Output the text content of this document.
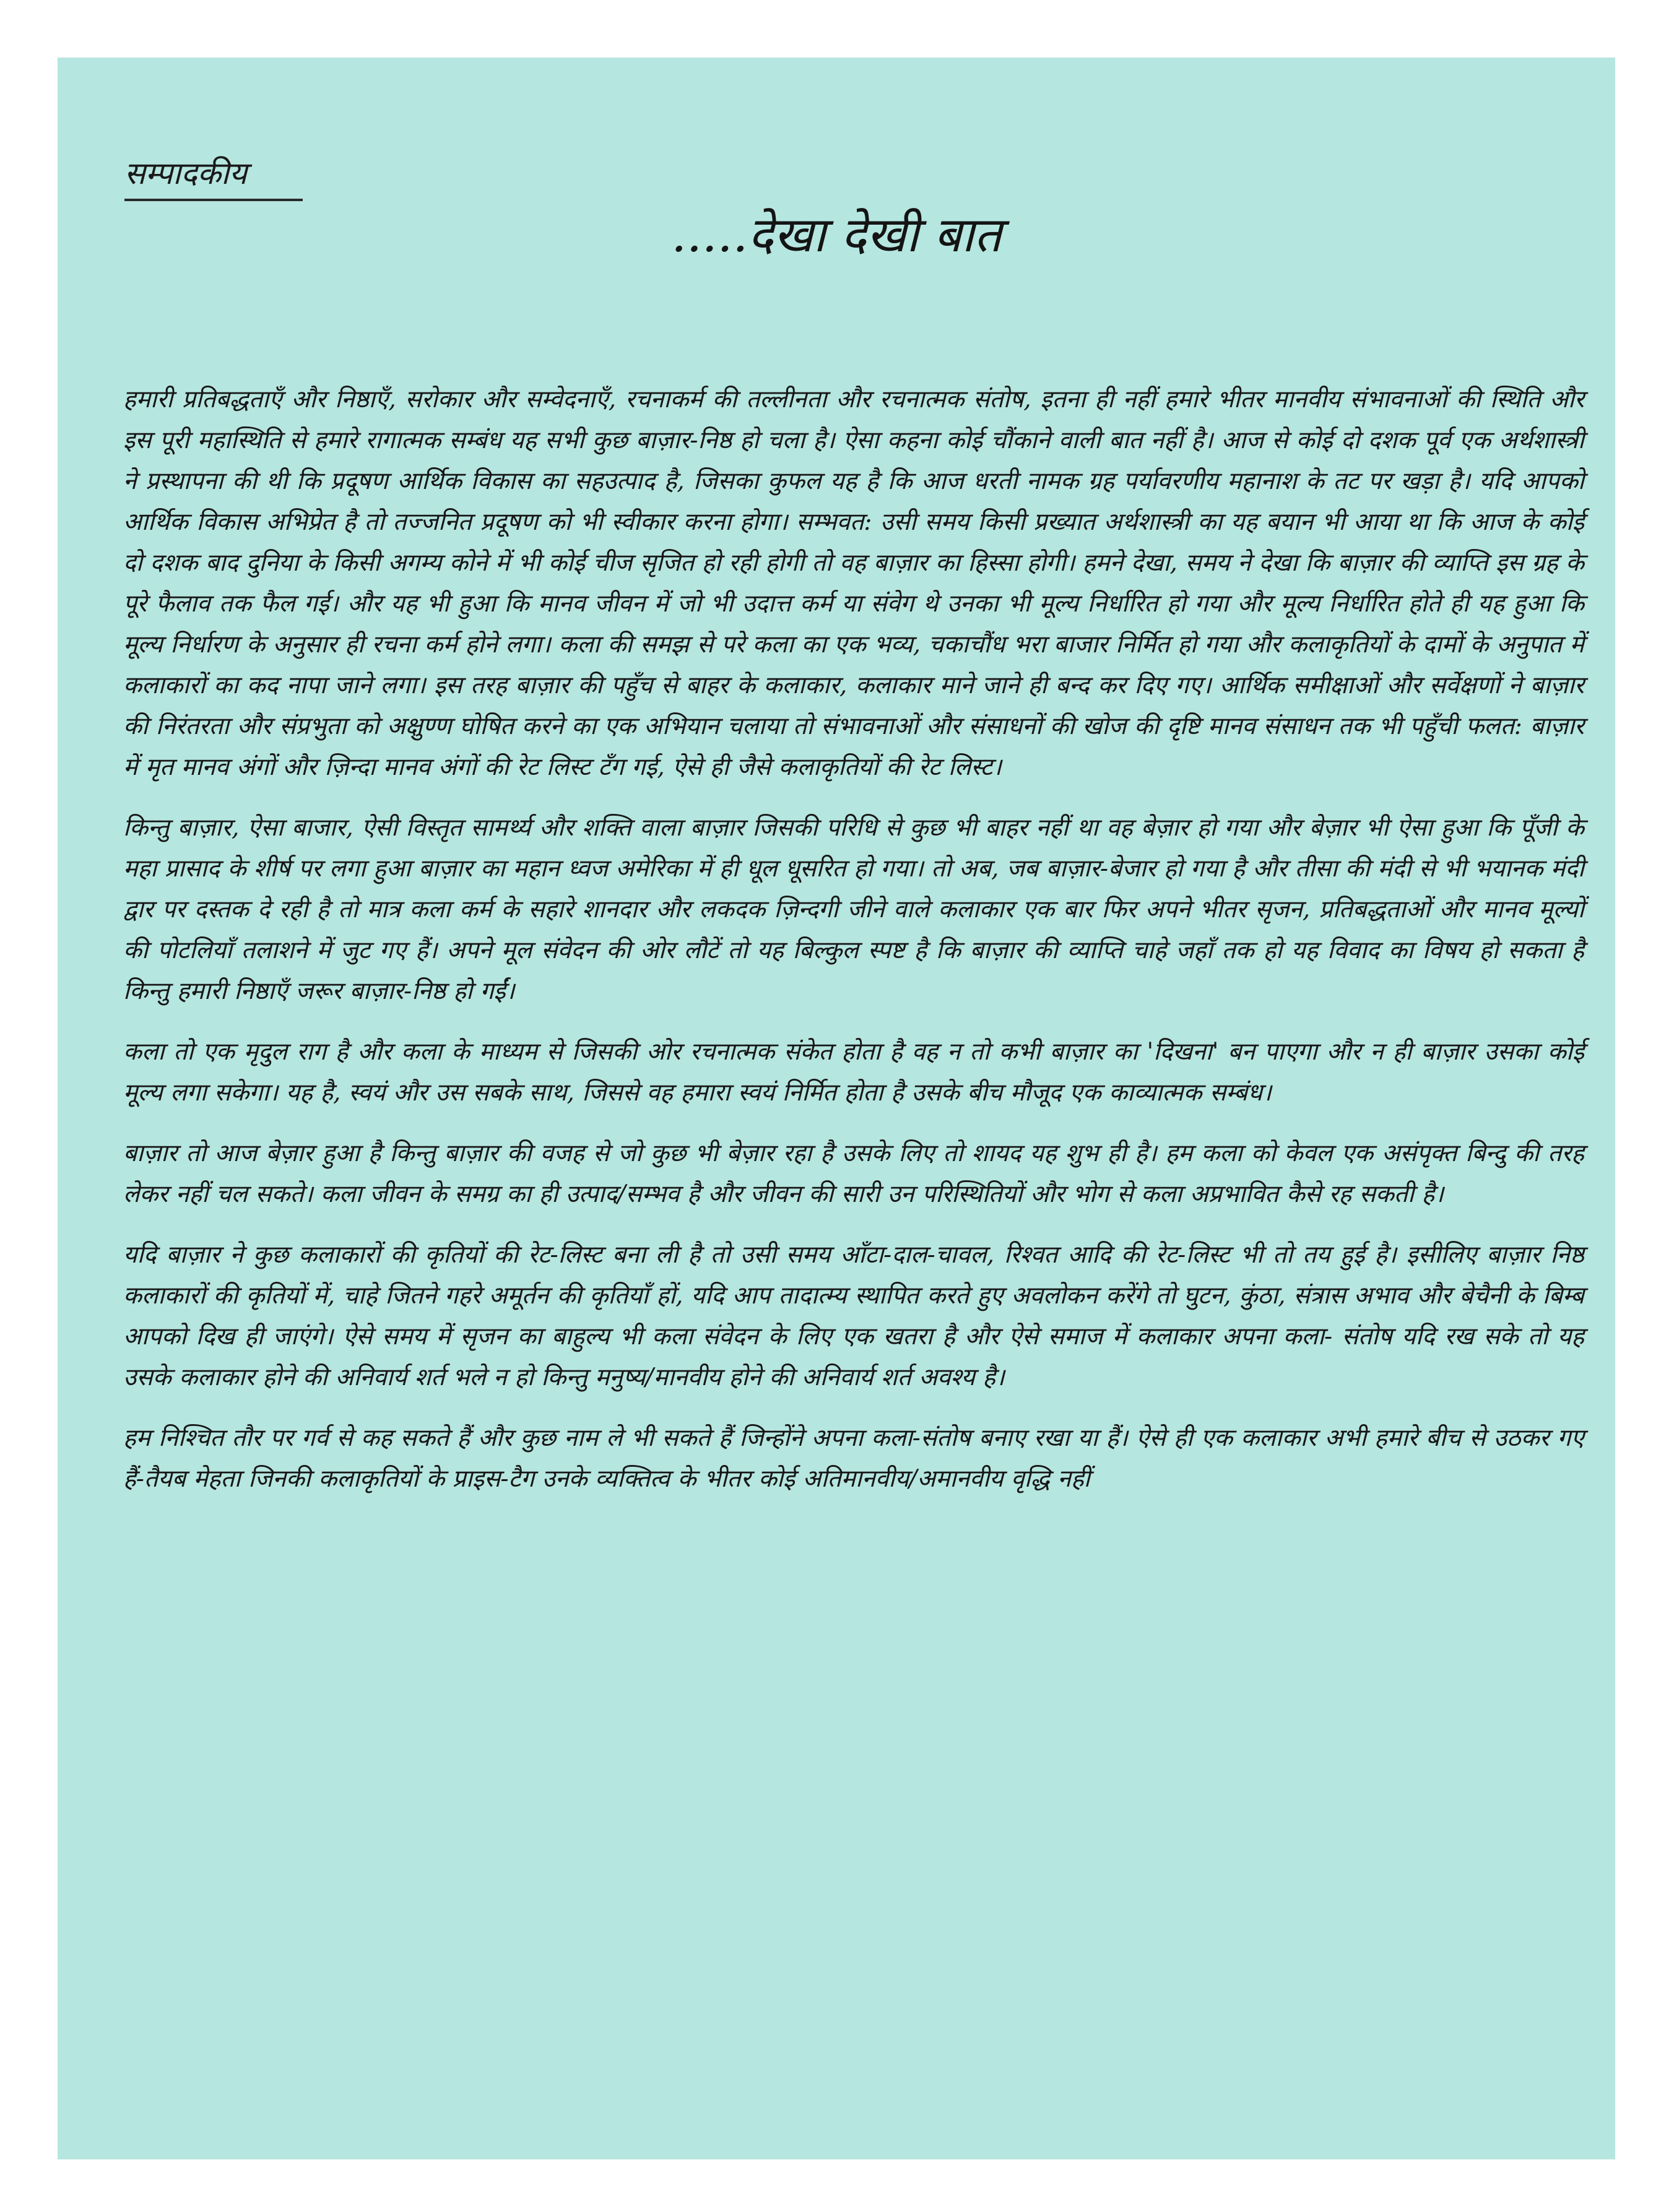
सम्पादकीय
.....देखा देखी बात

हमारी प्रतिबद्धताएँ और निष्ठाएँ, सरोकार और सम्वेदनाएँ, रचनाकर्म की तल्लीनता और रचनात्मक संतोष, इतना ही नहीं हमारे भीतर मानवीय संभावनाओं की स्थिति और इस पूरी महास्थिति से हमारे रागात्मक सम्बंध यह सभी कुछ बाज़ार-निष्ठ हो चला है। ऐसा कहना कोई चौंकाने वाली बात नहीं है। आज से कोई दो दशक पूर्व एक अर्थशास्त्री ने प्रस्थापना की थी कि प्रदूषण आर्थिक विकास का सहउत्पाद है, जिसका कुफल यह है कि आज धरती नामक ग्रह पर्यावरणीय महानाश के तट पर खड़ा है। यदि आपको आर्थिक विकास अभिप्रेत है तो तज्जनित प्रदूषण को भी स्वीकार करना होगा। सम्भवत: उसी समय किसी प्रख्यात अर्थशास्त्री का यह बयान भी आया था कि आज के कोई दो दशक बाद दुनिया के किसी अगम्य कोने में भी कोई चीज सृजित हो रही होगी तो वह बाज़ार का हिस्सा होगी। हमने देखा, समय ने देखा कि बाज़ार की व्याप्ति इस ग्रह के पूरे फैलाव तक फैल गई। और यह भी हुआ कि मानव जीवन में जो भी उदात्त कर्म या संवेग थे उनका भी मूल्य निर्धारित हो गया और मूल्य निर्धारित होते ही यह हुआ कि मूल्य निर्धारण के अनुसार ही रचना कर्म होने लगा। कला की समझ से परे कला का एक भव्य, चकाचौंध भरा बाजार निर्मित हो गया और कलाकृतियों के दामों के अनुपात में कलाकारों का कद नापा जाने लगा। इस तरह बाज़ार की पहुँच से बाहर के कलाकार, कलाकार माने जाने ही बन्द कर दिए गए। आर्थिक समीक्षाओं और सर्वेक्षणों ने बाज़ार की निरंतरता और संप्रभुता को अक्षुण्ण घोषित करने का एक अभियान चलाया तो संभावनाओं और संसाधनों की खोज की दृष्टि मानव संसाधन तक भी पहुँची फलत: बाज़ार में मृत मानव अंगों और ज़िन्दा मानव अंगों की रेट लिस्ट टँग गई, ऐसे ही जैसे कलाकृतियों की रेट लिस्ट।

किन्तु बाज़ार, ऐसा बाजार, ऐसी विस्तृत सामर्थ्य और शक्ति वाला बाज़ार जिसकी परिधि से कुछ भी बाहर नहीं था वह बेज़ार हो गया और बेज़ार भी ऐसा हुआ कि पूँजी के महा प्रासाद के शीर्ष पर लगा हुआ बाज़ार का महान ध्वज अमेरिका में ही धूल धूसरित हो गया। तो अब, जब बाज़ार-बेजार हो गया है और तीसा की मंदी से भी भयानक मंदी द्वार पर दस्तक दे रही है तो मात्र कला कर्म के सहारे शानदार और लकदक ज़िन्दगी जीने वाले कलाकार एक बार फिर अपने भीतर सृजन, प्रतिबद्धताओं और मानव मूल्यों की पोटलियाँ तलाशने में जुट गए हैं। अपने मूल संवेदन की ओर लौटें तो यह बिल्कुल स्पष्ट है कि बाज़ार की व्याप्ति चाहे जहाँ तक हो यह विवाद का विषय हो सकता है किन्तु हमारी निष्ठाएँ जरूर बाज़ार-निष्ठ हो गईं।

कला तो एक मृदुल राग है और कला के माध्यम से जिसकी ओर रचनात्मक संकेत होता है वह न तो कभी बाज़ार का 'दिखना' बन पाएगा और न ही बाज़ार उसका कोई मूल्य लगा सकेगा। यह है, स्वयं और उस सबके साथ, जिससे वह हमारा स्वयं निर्मित होता है उसके बीच मौजूद एक काव्यात्मक सम्बंध।

बाज़ार तो आज बेज़ार हुआ है किन्तु बाज़ार की वजह से जो कुछ भी बेज़ार रहा है उसके लिए तो शायद यह शुभ ही है। हम कला को केवल एक असंपृक्त बिन्दु की तरह लेकर नहीं चल सकते। कला जीवन के समग्र का ही उत्पाद/सम्भव है और जीवन की सारी उन परिस्थितियों और भोग से कला अप्रभावित कैसे रह सकती है।

यदि बाज़ार ने कुछ कलाकारों की कृतियों की रेट-लिस्ट बना ली है तो उसी समय आँटा-दाल-चावल, रिश्वत आदि की रेट-लिस्ट भी तो तय हुई है। इसीलिए बाज़ार निष्ठ कलाकारों की कृतियों में, चाहे जितने गहरे अमूर्तन की कृतियाँ हों, यदि आप तादात्म्य स्थापित करते हुए अवलोकन करेंगे तो घुटन, कुंठा, संत्रास अभाव और बेचैनी के बिम्ब आपको दिख ही जाएंगे। ऐसे समय में सृजन का बाहुल्य भी कला संवेदन के लिए एक खतरा है और ऐसे समाज में कलाकार अपना कला- संतोष यदि रख सके तो यह उसके कलाकार होने की अनिवार्य शर्त भले न हो किन्तु मनुष्य/मानवीय होने की अनिवार्य शर्त अवश्य है।

हम निश्चित तौर पर गर्व से कह सकते हैं और कुछ नाम ले भी सकते हैं जिन्होंने अपना कला-संतोष बनाए रखा या हैं। ऐसे ही एक कलाकार अभी हमारे बीच से उठकर गए हैं-तैयब मेहता जिनकी कलाकृतियों के प्राइस-टैग उनके व्यक्तित्व के भीतर कोई अतिमानवीय/अमानवीय वृद्धि नहीं
